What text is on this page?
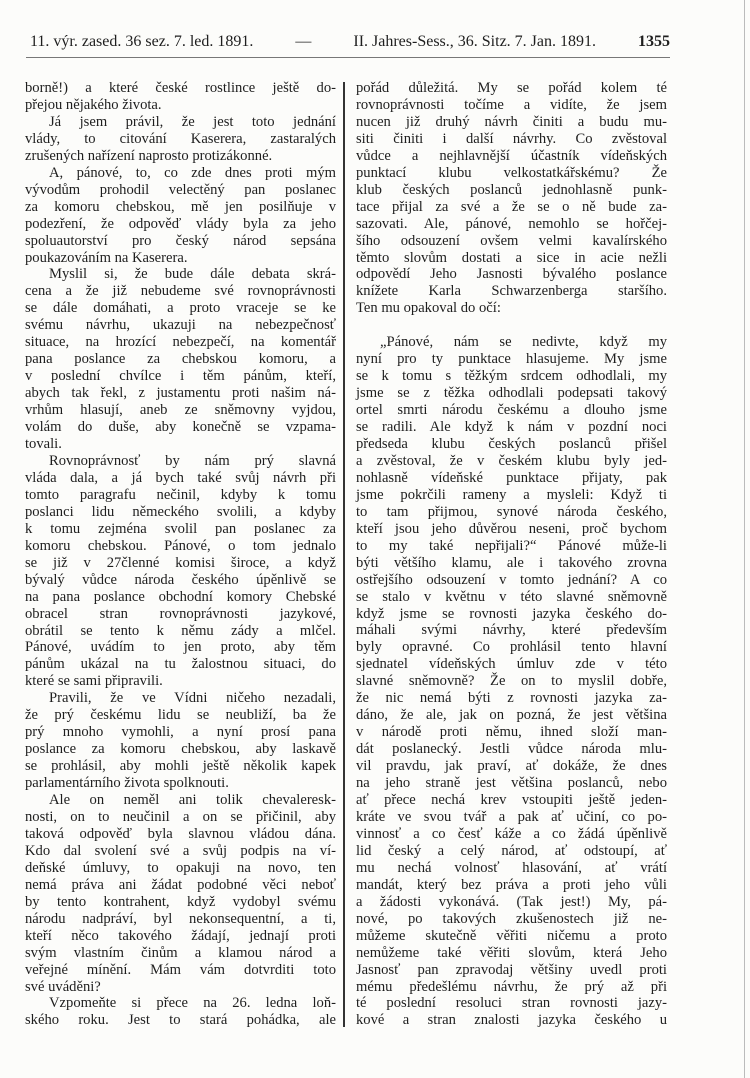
11. výr. zased. 36 sez. 7. led. 1891.	—	II. Jahres-Sess., 36. Sitz. 7. Jan. 1891.	1355
borně!) a které české rostlince ještě do-
přejou nějakého života.
Já jsem právil, že jest toto jednání
vlády, to citování Kaserera, zastaralých
zrušených nařízení naprosto protizákonné.
A, pánové, to, co zde dnes proti mým
vývodům prohodil velectěný pan poslanec
za komoru chebskou, mě jen posilňuje v
podezření, že odpověď vlády byla za jeho
spoluautorství pro český národ sepsána
poukazováním na Kaserera.
Myslil si, že bude dále debata skrá-
cena a že již nebudeme své rovnoprávnosti
se dále domáhati, a proto vraceje se ke
svému návrhu, ukazuji na nebezpečnosť
situace, na hrozící nebezpečí, na komentář
pana poslance za chebskou komoru, a
v poslední chvílce i těm pánům, kteří,
abych tak řekl, z justamentu proti našim ná-
vrhům hlasují, aneb ze sněmovny vyjdou,
volám do duše, aby konečně se vzpama-
tovali.
Rovnoprávnosť by nám prý slavná
vláda dala, a já bych také svůj návrh při
tomto paragrafu nečinil, kdyby k tomu
poslanci lidu německého svolili, a kdyby
k tomu zejména svolil pan poslanec za
komoru chebskou. Pánové, o tom jednalo
se již v 27členné komisi široce, a když
bývalý vůdce národa českého úpěnlivě se
na pana poslance obchodní komory Chebské
obracel stran rovnoprávnosti jazykové,
obrátil se tento k němu zády a mlčel.
Pánové, uvádím to jen proto, aby těm
pánům ukázal na tu žalostnou situaci, do
které se sami připravili.
Pravili, že ve Vídni ničeho nezadali,
že prý českému lidu se neubliží, ba že
prý mnoho vymohli, a nyní prosí pana
poslance za komoru chebskou, aby laskavě
se prohlásil, aby mohli ještě několik kapek
parlamentárního života spolknouti.
Ale on neměl ani tolik chevaleresk-
nosti, on to neučinil a on se přičinil, aby
taková odpověď byla slavnou vládou dána.
Kdo dal svolení své a svůj podpis na ví-
deňské úmluvy, to opakuji na novo, ten
nemá práva ani žádat podobné věci neboť
by tento kontrahent, když vydobyl svému
národu nadpráví, byl nekonsequentní, a ti,
kteří něco takového žádají, jednají proti
svým vlastním činům a klamou národ a
veřejné mínění. Mám vám dotvrditi toto
své uváděni?
Vzpomeňte si přece na 26. ledna loň-
ského roku. Jest to stará pohádka, ale
pořád důležitá. My se pořád kolem té
rovnoprávnosti točíme a vidíte, že jsem
nucen již druhý návrh činiti a budu mu-
siti činiti i další návrhy. Co zvěstoval
vůdce a nejhlavnější účastník vídeňských
punktací klubu velkostatkářskému? Že
klub českých poslanců jednohlasně punk-
tace přijal za své a že se o ně bude za-
sazovati. Ale, pánové, nemohlo se hořčej-
šího odsouzení ovšem velmi kavalírského
těmto slovům dostati a sice in acie nežli
odpovědí Jeho Jasnosti bývalého poslance
knížete Karla Schwarzenberga staršího.
Ten mu opakoval do očí:
„Pánové, nám se nedivte, když my
nyní pro ty punktace hlasujeme. My jsme
se k tomu s těžkým srdcem odhodlali, my
jsme se z těžka odhodlali podepsati takový
ortel smrti národu českému a dlouho jsme
se radili. Ale když k nám v pozdní noci
předseda klubu českých poslanců přišel
a zvěstoval, že v českém klubu byly jed-
nohlasně vídeňské punktace přijaty, pak
jsme pokrčili rameny a mysleli: Když ti
to tam přijmou, synové národa českého,
kteří jsou jeho důvěrou neseni, proč bychom
to my také nepřijali?“ Pánové může-li
býti většího klamu, ale i takového zrovna
ostřejšího odsouzení v tomto jednání? A co
se stalo v květnu v této slavné sněmovně
když jsme se rovnosti jazyka českého do-
máhali svými návrhy, které především
byly opravné. Co prohlásil tento hlavní
sjednatel vídeňských úmluv zde v této
slavné sněmovně? Že on to myslil dobře,
že nic nemá býti z rovnosti jazyka za-
dáno, že ale, jak on pozná, že jest většina
v národě proti němu, ihned složí man-
dát poslanecký. Jestli vůdce národa mlu-
vil pravdu, jak praví, ať dokáže, že dnes
na jeho straně jest většina poslanců, nebo
ať přece nechá krev vstoupiti ještě jeden-
kráte ve svou tvář a pak ať učiní, co po-
vinnosť a co česť káže a co žádá úpěnlivě
lid český a celý národ, ať odstoupí, ať
mu nechá volnosť hlasování, ať vrátí
mandát, který bez práva a proti jeho vůli
a žádosti vykonává. (Tak jest!) My, pá-
nové, po takových zkušenostech již ne-
můžeme skutečně věřiti ničemu a proto
nemůžeme také věřiti slovům, která Jeho
Jasnosť pan zpravodaj většiny uvedl proti
mému předešlému návrhu, že prý až při
té poslední resoluci stran rovnosti jazy-
kové a stran znalosti jazyka českého u
